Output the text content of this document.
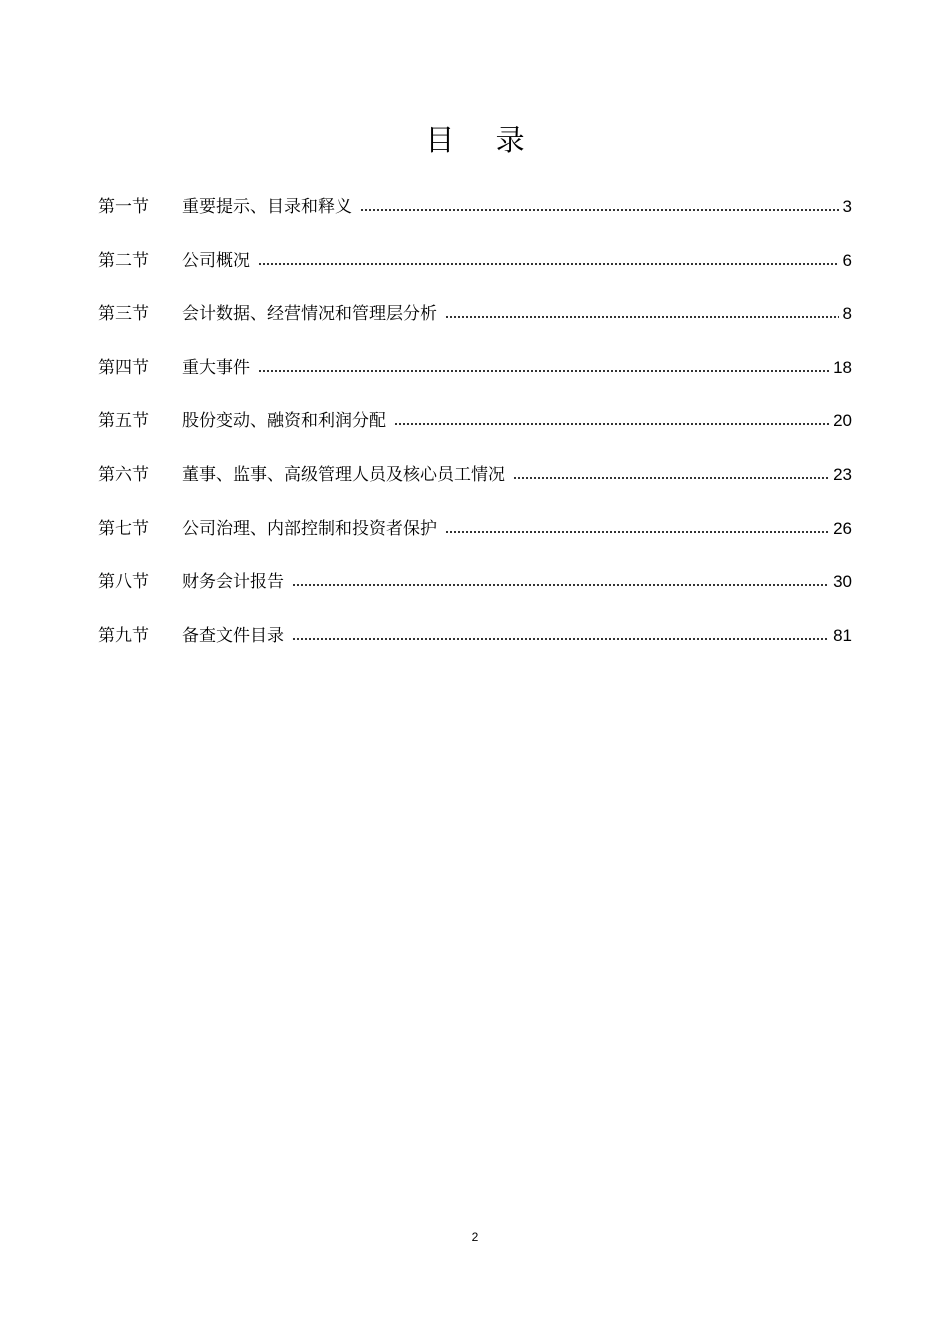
目 录
第一节	重要提示、目录和释义	3
第二节	公司概况	6
第三节	会计数据、经营情况和管理层分析	8
第四节	重大事件	18
第五节	股份变动、融资和利润分配	20
第六节	董事、监事、高级管理人员及核心员工情况	23
第七节	公司治理、内部控制和投资者保护	26
第八节	财务会计报告	30
第九节	备查文件目录	81
2
